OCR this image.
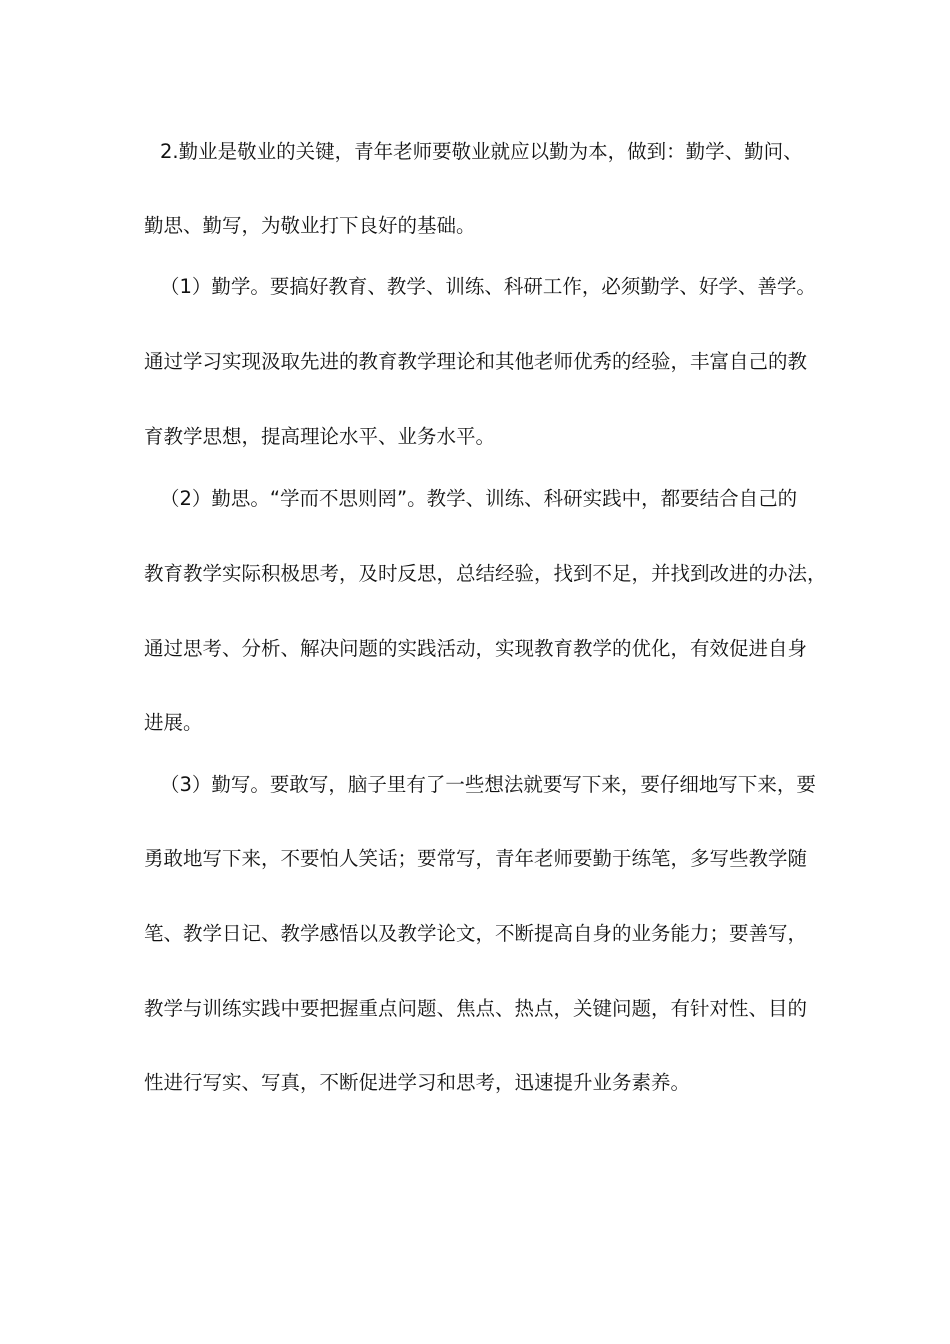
2.勤业是敬业的关键，青年老师要敬业就应以勤为本，做到：勤学、勤问、
勤思、勤写，为敬业打下良好的基础。
（1）勤学。要搞好教育、教学、训练、科研工作，必须勤学、好学、善学。
通过学习实现汲取先进的教育教学理论和其他老师优秀的经验，丰富自己的教
育教学思想，提高理论水平、业务水平。
（2）勤思。“学而不思则罔”。教学、训练、科研实践中，都要结合自己的
教育教学实际积极思考，及时反思，总结经验，找到不足，并找到改进的办法，
通过思考、分析、解决问题的实践活动，实现教育教学的优化，有效促进自身
进展。
（3）勤写。要敢写，脑子里有了一些想法就要写下来，要仔细地写下来，要
勇敢地写下来，不要怕人笑话；要常写，青年老师要勤于练笔，多写些教学随
笔、教学日记、教学感悟以及教学论文，不断提高自身的业务能力；要善写，
教学与训练实践中要把握重点问题、焦点、热点，关键问题，有针对性、目的
性进行写实、写真，不断促进学习和思考，迅速提升业务素养。
